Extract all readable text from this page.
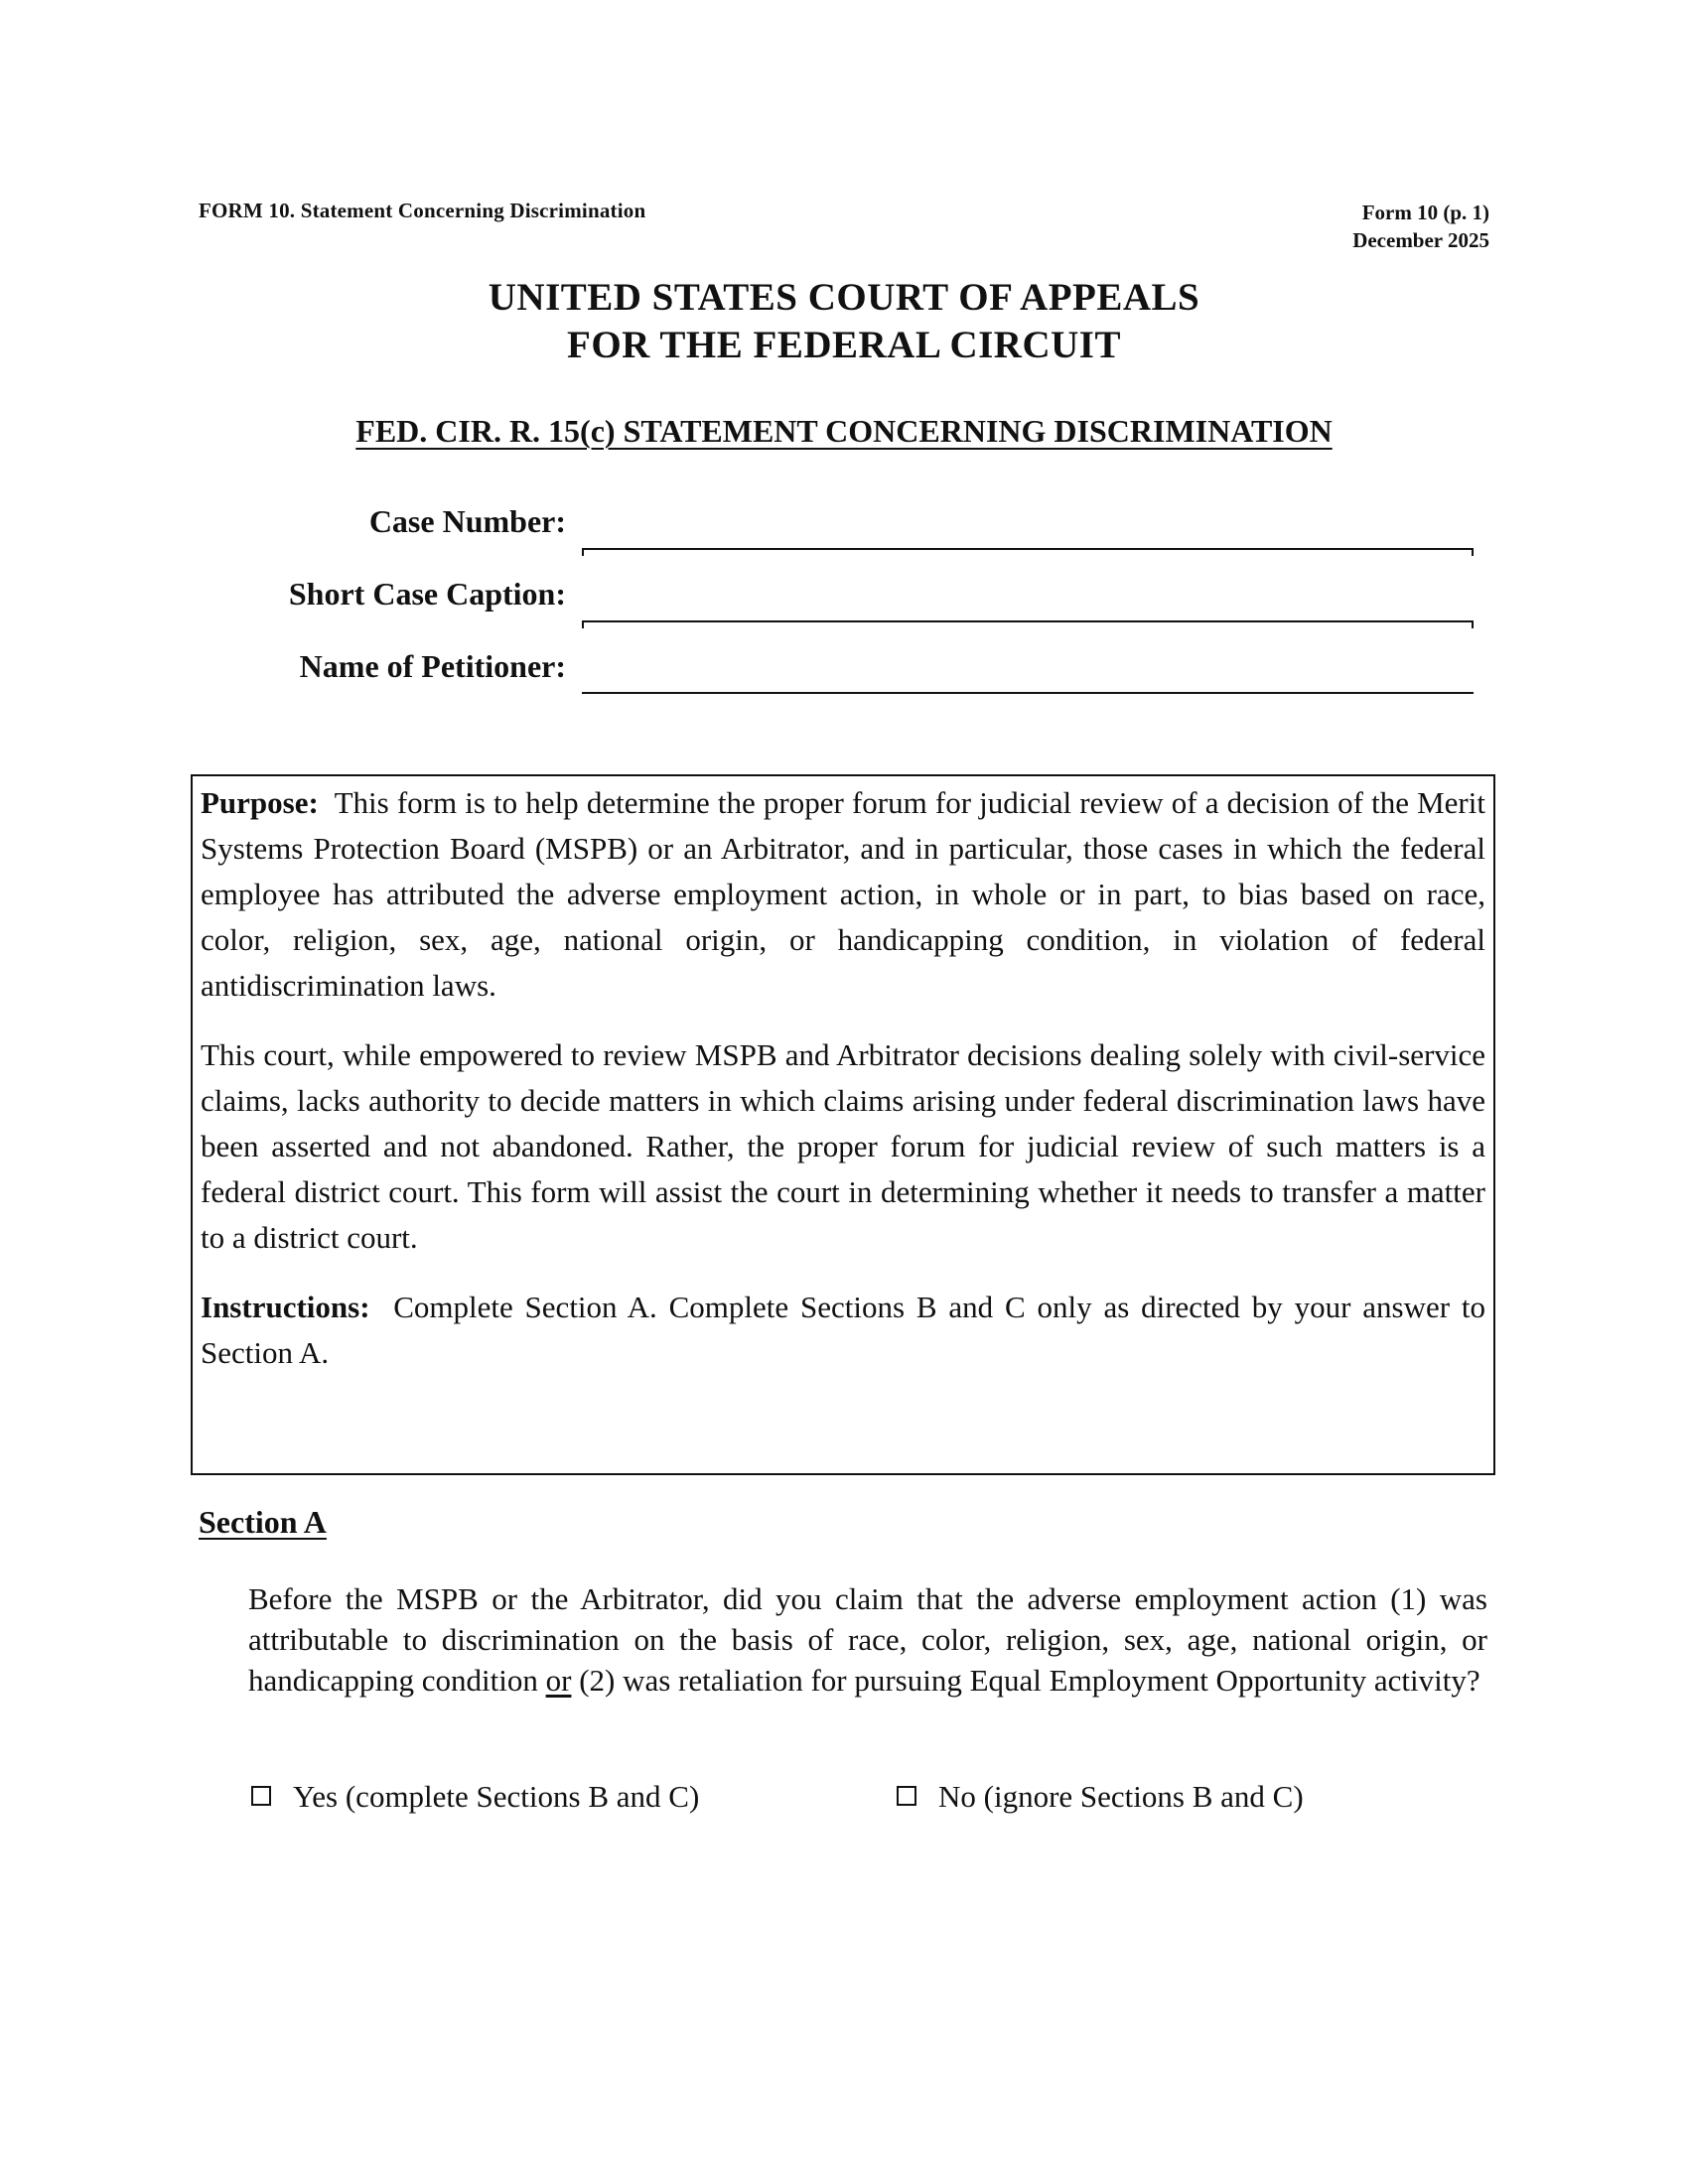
FORM 10. Statement Concerning Discrimination	Form 10 (p. 1)
December 2025
UNITED STATES COURT OF APPEALS
FOR THE FEDERAL CIRCUIT
FED. CIR. R. 15(c) STATEMENT CONCERNING DISCRIMINATION
Case Number:
Short Case Caption:
Name of Petitioner:

Purpose: This form is to help determine the proper forum for judicial review of a decision of the Merit Systems Protection Board (MSPB) or an Arbitrator, and in particular, those cases in which the federal employee has attributed the adverse employment action, in whole or in part, to bias based on race, color, religion, sex, age, national origin, or handicapping condition, in violation of federal antidiscrimination laws.

This court, while empowered to review MSPB and Arbitrator decisions dealing solely with civil-service claims, lacks authority to decide matters in which claims arising under federal discrimination laws have been asserted and not abandoned. Rather, the proper forum for judicial review of such matters is a federal district court. This form will assist the court in determining whether it needs to transfer a matter to a district court.

Instructions: Complete Section A. Complete Sections B and C only as directed by your answer to Section A.

Section A

Before the MSPB or the Arbitrator, did you claim that the adverse employment action (1) was attributable to discrimination on the basis of race, color, religion, sex, age, national origin, or handicapping condition or (2) was retaliation for pursuing Equal Employment Opportunity activity?

Yes (complete Sections B and C)	No (ignore Sections B and C)
